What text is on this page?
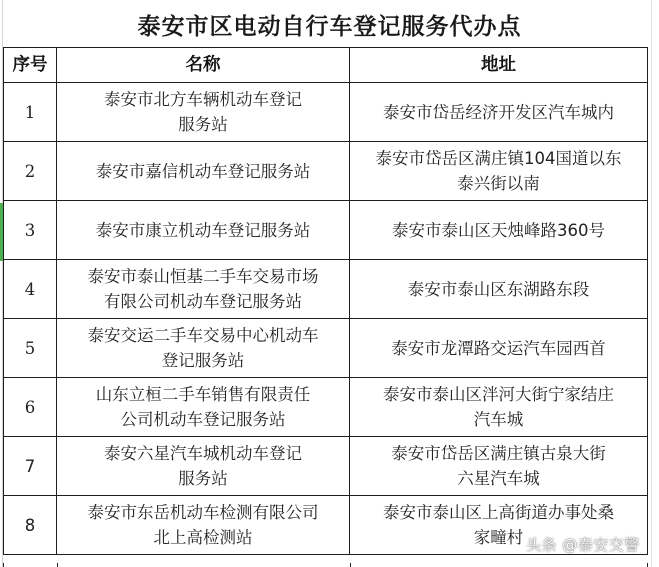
泰安市区电动自行车登记服务代办点
序号	名称	地址
1	泰安市北方车辆机动车登记
服务站	泰安市岱岳经济开发区汽车城内

2	泰安市嘉信机动车登记服务站	泰安市岱岳区满庄镇104国道以东
泰兴街以南

3	泰安市康立机动车登记服务站	泰安市泰山区天烛峰路360号

4	泰安市泰山恒基二手车交易市场
有限公司机动车登记服务站	泰安市泰山区东湖路东段

5	泰安交运二手车交易中心机动车
登记服务站	泰安市龙潭路交运汽车园西首

6	山东立桓二手车销售有限责任
公司机动车登记服务站	泰安市泰山区泮河大街宁家结庄
汽车城

7	泰安六星汽车城机动车登记
服务站	泰安市岱岳区满庄镇古泉大街
六星汽车城

8	泰安市东岳机动车检测有限公司
北上高检测站	泰安市泰山区上高街道办事处桑
家疃村 头条 @泰安交警
